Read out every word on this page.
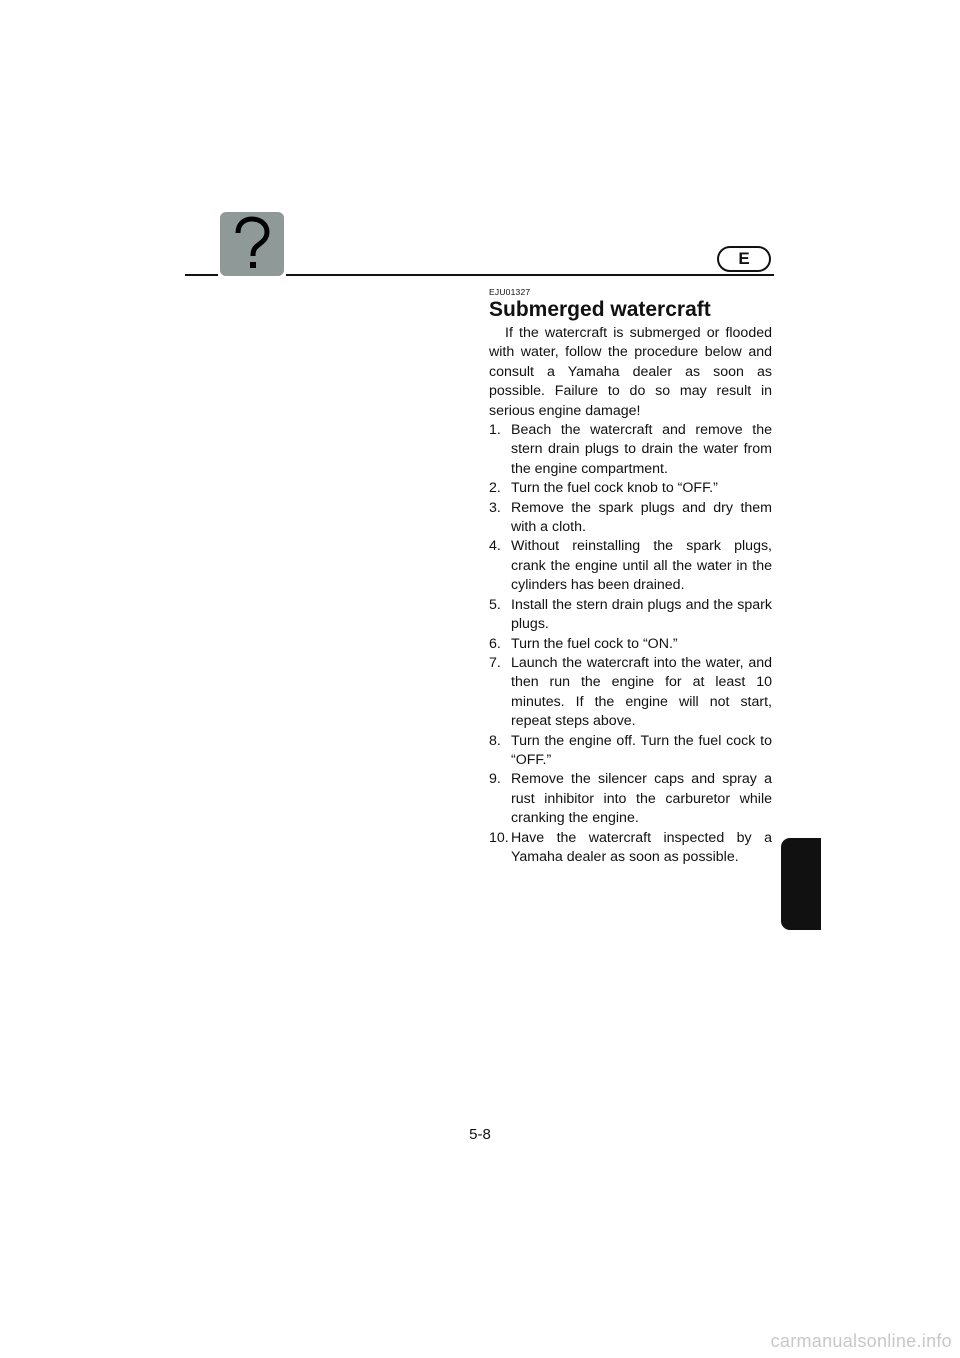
E
EJU01327
Submerged watercraft

If the watercraft is submerged or flooded with water, follow the procedure below and consult a Yamaha dealer as soon as possible. Failure to do so may result in serious engine damage!

1. Beach the watercraft and remove the stern drain plugs to drain the water from the engine compartment.
2. Turn the fuel cock knob to “OFF.”
3. Remove the spark plugs and dry them with a cloth.
4. Without reinstalling the spark plugs, crank the engine until all the water in the cylinders has been drained.
5. Install the stern drain plugs and the spark plugs.
6. Turn the fuel cock to “ON.”
7. Launch the watercraft into the water, and then run the engine for at least 10 minutes. If the engine will not start, repeat steps above.
8. Turn the engine off. Turn the fuel cock to “OFF.”
9. Remove the silencer caps and spray a rust inhibitor into the carburetor while cranking the engine.
10. Have the watercraft inspected by a Yamaha dealer as soon as possible.
5-8
carmanualsonline.info
